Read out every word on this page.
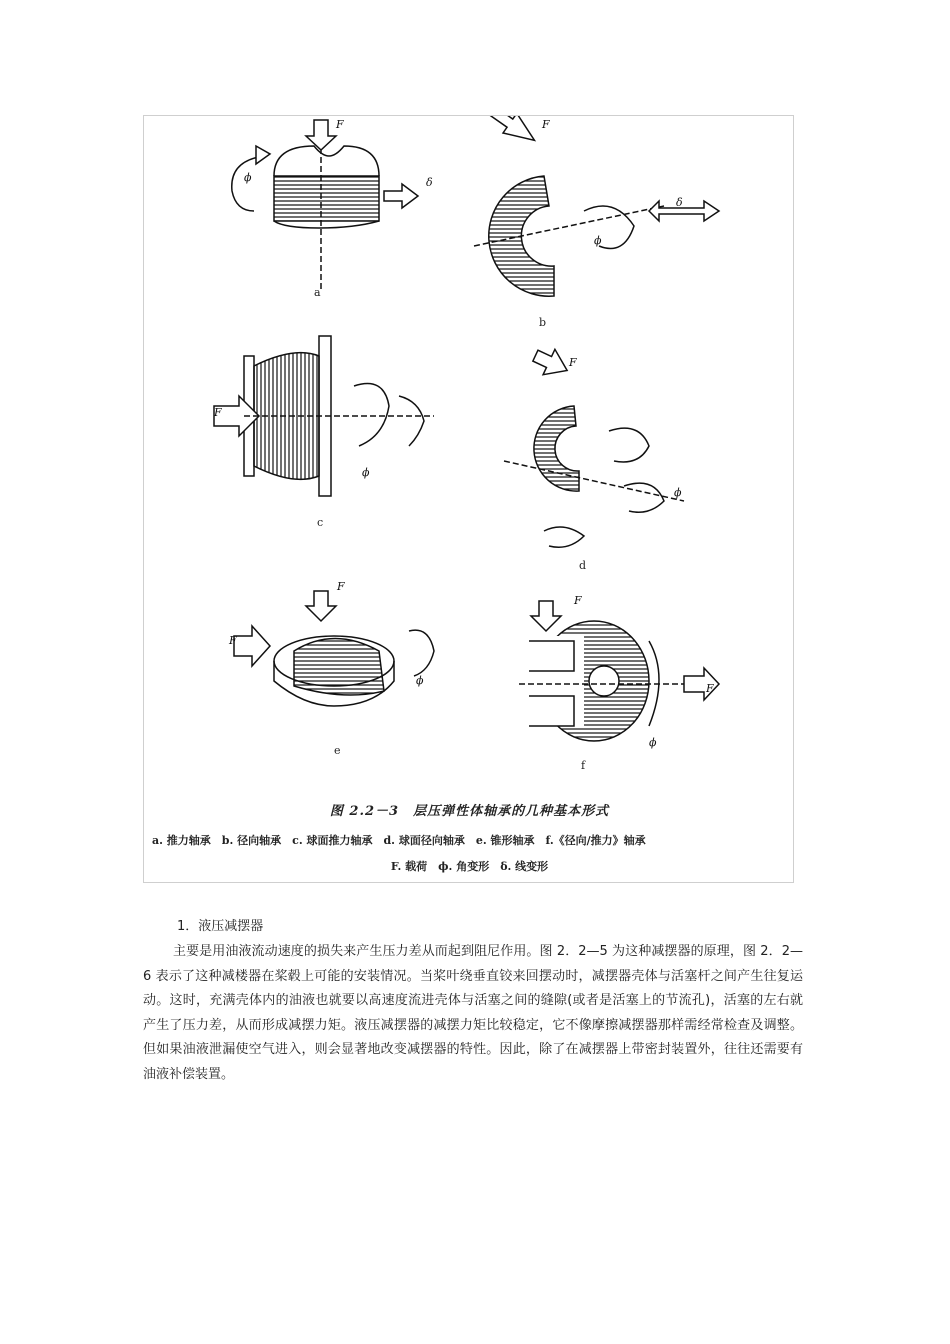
F
δ
ϕ
F
δ
ϕ
F
ϕ
F
ϕ
F
F
ϕ
F
F
ϕ
a
b
c
d
e
f
图 2.2－3　层压弹性体轴承的几种基本形式
a. 推力轴承　b. 径向轴承　c. 球面推力轴承　d. 球面径向轴承　e. 锥形轴承　f.《径向/推力》轴承
F. 载荷　ϕ. 角变形　δ. 线变形
1．液压减摆器
主要是用油液流动速度的损失来产生压力差从而起到阻尼作用。图 2．2—5 为这种减摆器的原理，图 2．2—6 表示了这种减楼器在桨毂上可能的安装情况。当桨叶绕垂直铰来回摆动时，减摆器壳体与活塞杆之间产生往复运动。这时，充满壳体内的油液也就要以高速度流进壳体与活塞之间的缝隙(或者是活塞上的节流孔)，活塞的左右就产生了压力差，从而形成减摆力矩。液压减摆器的减摆力矩比较稳定，它不像摩擦减摆器那样需经常检查及调整。但如果油液泄漏使空气进入，则会显著地改变减摆器的特性。因此，除了在减摆器上带密封装置外，往往还需要有油液补偿装置。
